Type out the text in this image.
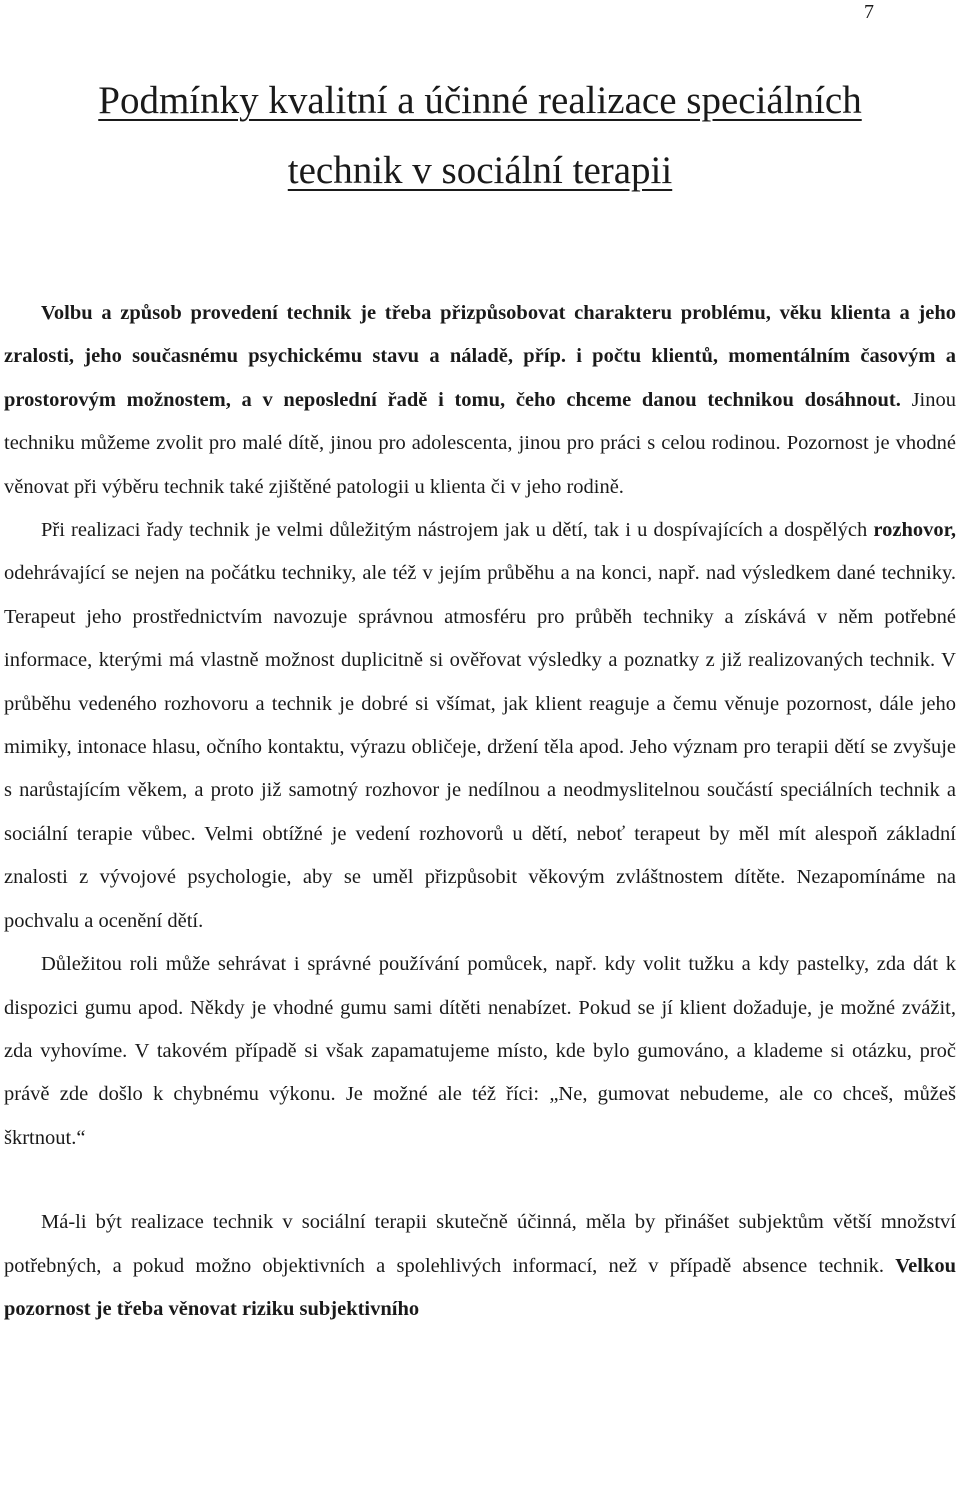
7
Podmínky kvalitní a účinné realizace speciálních
technik v sociální terapii

Volbu a způsob provedení technik je třeba přizpůsobovat charakteru problému, věku klienta a jeho zralosti, jeho současnému psychickému stavu a náladě, příp. i počtu klientů, momentálním časovým a prostorovým možnostem, a v neposlední řadě i tomu, čeho chceme danou technikou dosáhnout. Jinou techniku můžeme zvolit pro malé dítě, jinou pro adolescenta, jinou pro práci s celou rodinou. Pozornost je vhodné věnovat při výběru technik také zjištěné patologii u klienta či v jeho rodině.

Při realizaci řady technik je velmi důležitým nástrojem jak u dětí, tak i u dospívajících a dospělých rozhovor, odehrávající se nejen na počátku techniky, ale též v jejím průběhu a na konci, např. nad výsledkem dané techniky. Terapeut jeho prostřednictvím navozuje správnou atmosféru pro průběh techniky a získává v něm potřebné informace, kterými má vlastně možnost duplicitně si ověřovat výsledky a poznatky z již realizovaných technik. V průběhu vedeného rozhovoru a technik je dobré si všímat, jak klient reaguje a čemu věnuje pozornost, dále jeho mimiky, intonace hlasu, očního kontaktu, výrazu obličeje, držení těla apod. Jeho význam pro terapii dětí se zvyšuje s narůstajícím věkem, a proto již samotný rozhovor je nedílnou a neodmyslitelnou součástí speciálních technik a sociální terapie vůbec. Velmi obtížné je vedení rozhovorů u dětí, neboť terapeut by měl mít alespoň základní znalosti z vývojové psychologie, aby se uměl přizpůsobit věkovým zvláštnostem dítěte. Nezapomínáme na pochvalu a ocenění dětí.

Důležitou roli může sehrávat i správné používání pomůcek, např. kdy volit tužku a kdy pastelky, zda dát k dispozici gumu apod. Někdy je vhodné gumu sami dítěti nenabízet. Pokud se jí klient dožaduje, je možné zvážit, zda vyhovíme. V takovém případě si však zapamatujeme místo, kde bylo gumováno, a klademe si otázku, proč právě zde došlo k chybnému výkonu. Je možné ale též říci: „Ne, gumovat nebudeme, ale co chceš, můžeš škrtnout.“

Má-li být realizace technik v sociální terapii skutečně účinná, měla by přinášet subjektům větší množství potřebných, a pokud možno objektivních a spolehlivých informací, než v případě absence technik. Velkou pozornost je třeba věnovat riziku subjektivního
